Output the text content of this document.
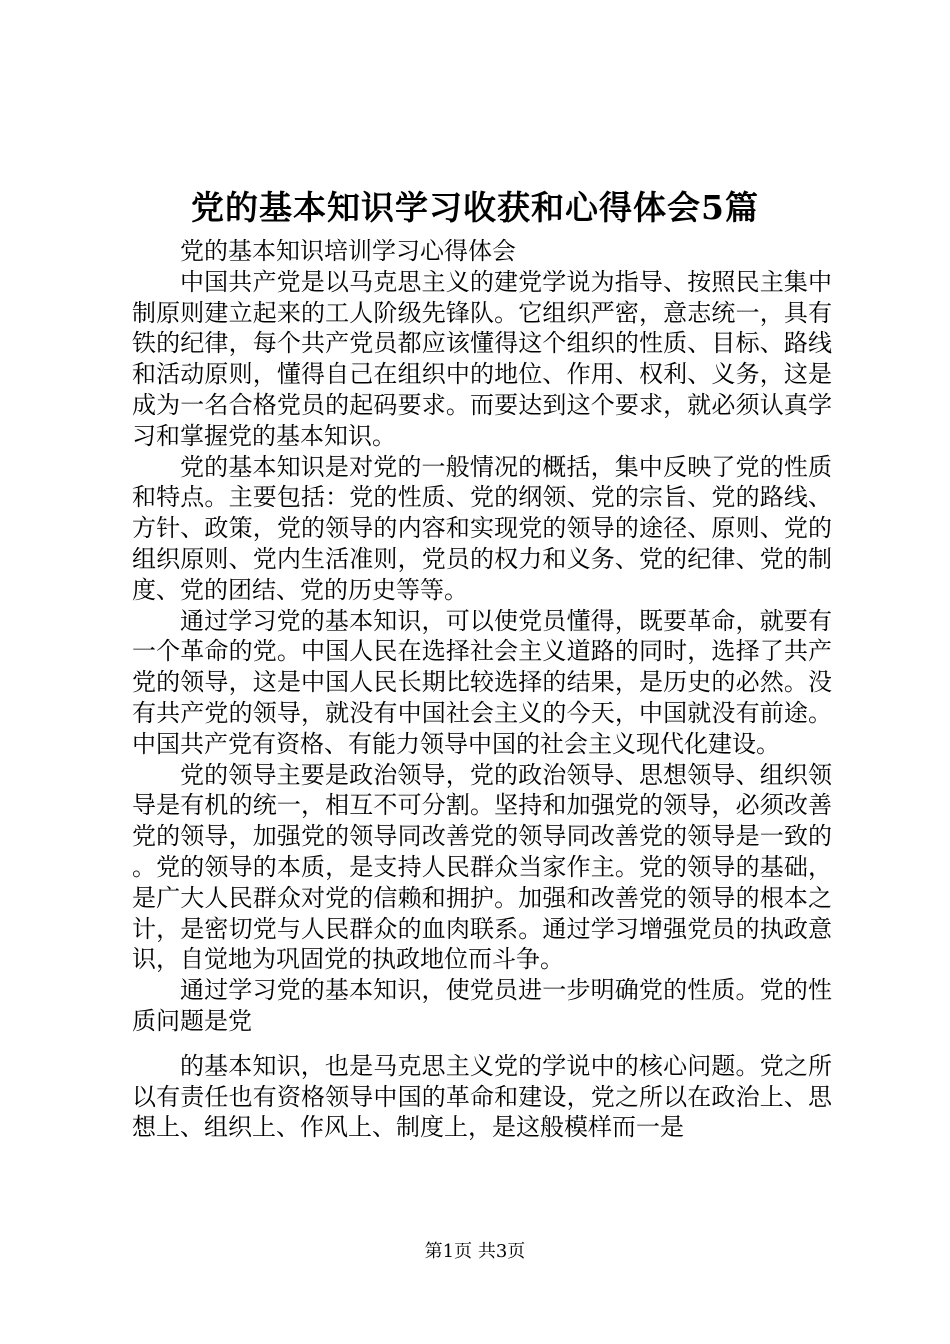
党的基本知识学习收获和心得体会5篇

党的基本知识培训学习心得体会

中国共产党是以马克思主义的建党学说为指导、按照民主集中制原则建立起来的工人阶级先锋队。它组织严密，意志统一，具有铁的纪律，每个共产党员都应该懂得这个组织的性质、目标、路线和活动原则，懂得自己在组织中的地位、作用、权利、义务，这是成为一名合格党员的起码要求。而要达到这个要求，就必须认真学习和掌握党的基本知识。

党的基本知识是对党的一般情况的概括，集中反映了党的性质和特点。主要包括：党的性质、党的纲领、党的宗旨、党的路线、方针、政策，党的领导的内容和实现党的领导的途径、原则、党的组织原则、党内生活准则，党员的权力和义务、党的纪律、党的制度、党的团结、党的历史等等。

通过学习党的基本知识，可以使党员懂得，既要革命，就要有一个革命的党。中国人民在选择社会主义道路的同时，选择了共产党的领导，这是中国人民长期比较选择的结果，是历史的必然。没有共产党的领导，就没有中国社会主义的今天，中国就没有前途。中国共产党有资格、有能力领导中国的社会主义现代化建设。

党的领导主要是政治领导，党的政治领导、思想领导、组织领导是有机的统一，相互不可分割。坚持和加强党的领导，必须改善党的领导，加强党的领导同改善党的领导同改善党的领导是一致的。党的领导的本质，是支持人民群众当家作主。党的领导的基础，是广大人民群众对党的信赖和拥护。加强和改善党的领导的根本之计，是密切党与人民群众的血肉联系。通过学习增强党员的执政意识，自觉地为巩固党的执政地位而斗争。

通过学习党的基本知识，使党员进一步明确党的性质。党的性质问题是党

的基本知识，也是马克思主义党的学说中的核心问题。党之所以有责任也有资格领导中国的革命和建设，党之所以在政治上、思想上、组织上、作风上、制度上，是这般模样而一是

第1页 共3页
